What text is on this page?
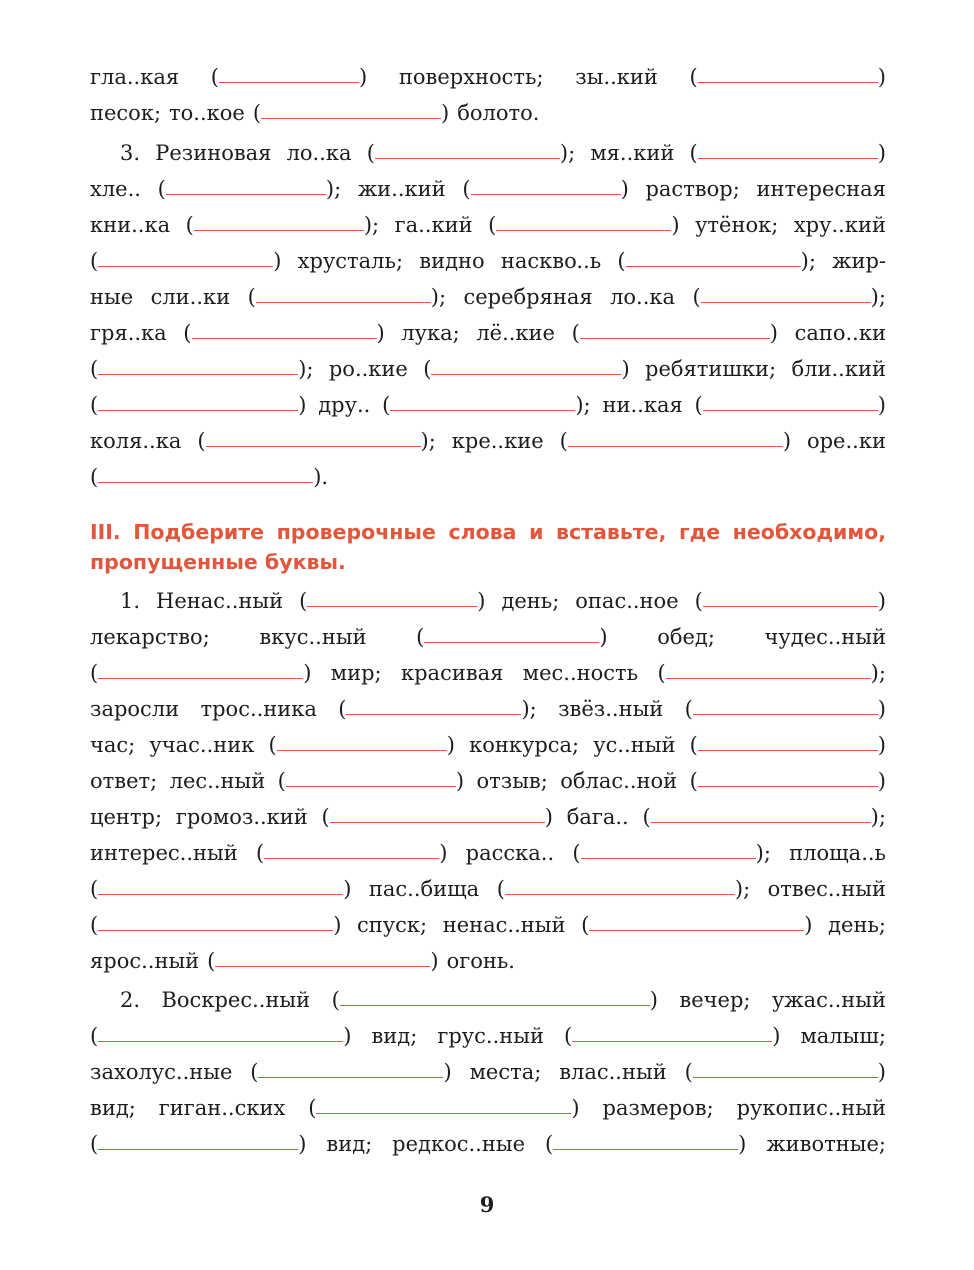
гла..кая (	) поверхность; зы..кий (	)
песок; то..кое (	) болото.
3. Резиновая ло..ка (	); мя..кий (	)
хле.. (	); жи..кий (	) раствор; интересная
кни..ка (	); га..кий (	) утёнок; хру..кий
(	) хрусталь; видно насквo..ь (	); жир-
ные сли..ки (	); серебряная ло..ка (	);
гря..ка (	) лука; лё..кие (	) сапо..ки
(	); ро..кие (	) ребятишки; бли..кий
(	) дру.. (	); ни..кая (	)
коля..ка (	); кре..кие (	) оре..ки
(	).
III. Подберите проверочные слова и вставьте, где необходимо,
пропущенные буквы.
1. Ненас..ный (	) день; опас..ное (	)
лекарство; вкус..ный (	) обед; чудес..ный
(	) мир; красивая мес..ность (	);
заросли трос..ника (	); звёз..ный (	)
час; учас..ник (	) конкурса; ус..ный (	)
ответ; лес..ный (	) отзыв; облас..ной (	)
центр; громоз..кий (	) бага.. (	);
интерес..ный (	) расска.. (	); площа..ь
(	) пас..бища (	); отвес..ный
(	) спуск; ненас..ный (	) день;
ярос..ный (	) огонь.
2. Воскрес..ный (	) вечер; ужас..ный
(	) вид; грус..ный (	) малыш;
захолус..ные (	) места; влас..ный (	)
вид; гиган..ских (	) размеров; рукопис..ный
(	) вид; редкос..ные (	) животные;
9
